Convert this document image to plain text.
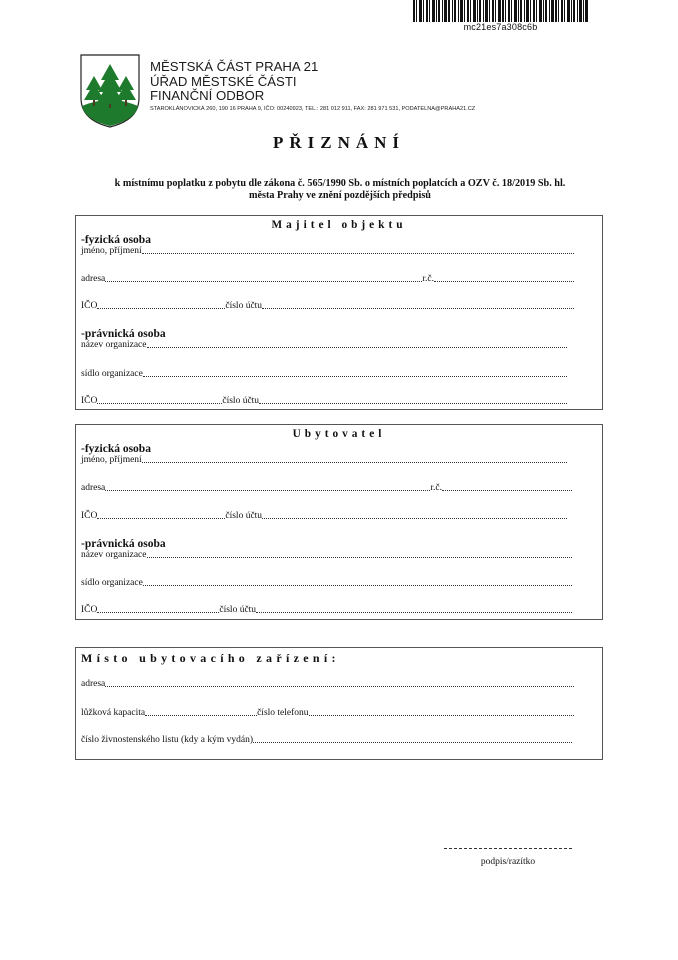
mc21es7a308c6b
MĚSTSKÁ ČÁST PRAHA 21
ÚŘAD MĚSTSKÉ ČÁSTI
FINANČNÍ ODBOR
STAROKLÁNOVICKÁ 260, 190 16 PRAHA 9, IČO: 00240923, TEL.: 281 012 911, FAX: 281 971 531, PODATELNA@PRAHA21.CZ
PŘIZNÁNÍ
k místnímu poplatku z pobytu dle zákona č. 565/1990 Sb. o místních poplatcích a OZV č. 18/2019 Sb. hl.
města Prahy ve znění pozdějších předpisů
Majitel objektu
-fyzická osoba
jméno, příjmení
adresa	r.č.
IČO	číslo účtu
-právnická osoba
název organizace
sídlo organizace
IČO	číslo účtu
Ubytovatel
-fyzická osoba
jméno, příjmení
adresa	r.č.
IČO	číslo účtu
-právnická osoba
název organizace
sídlo organizace
IČO	číslo účtu
Místo ubytovacího zařízení:
adresa
lůžková kapacita	číslo telefonu
číslo živnostenského listu (kdy a kým vydán)
podpis/razítko
